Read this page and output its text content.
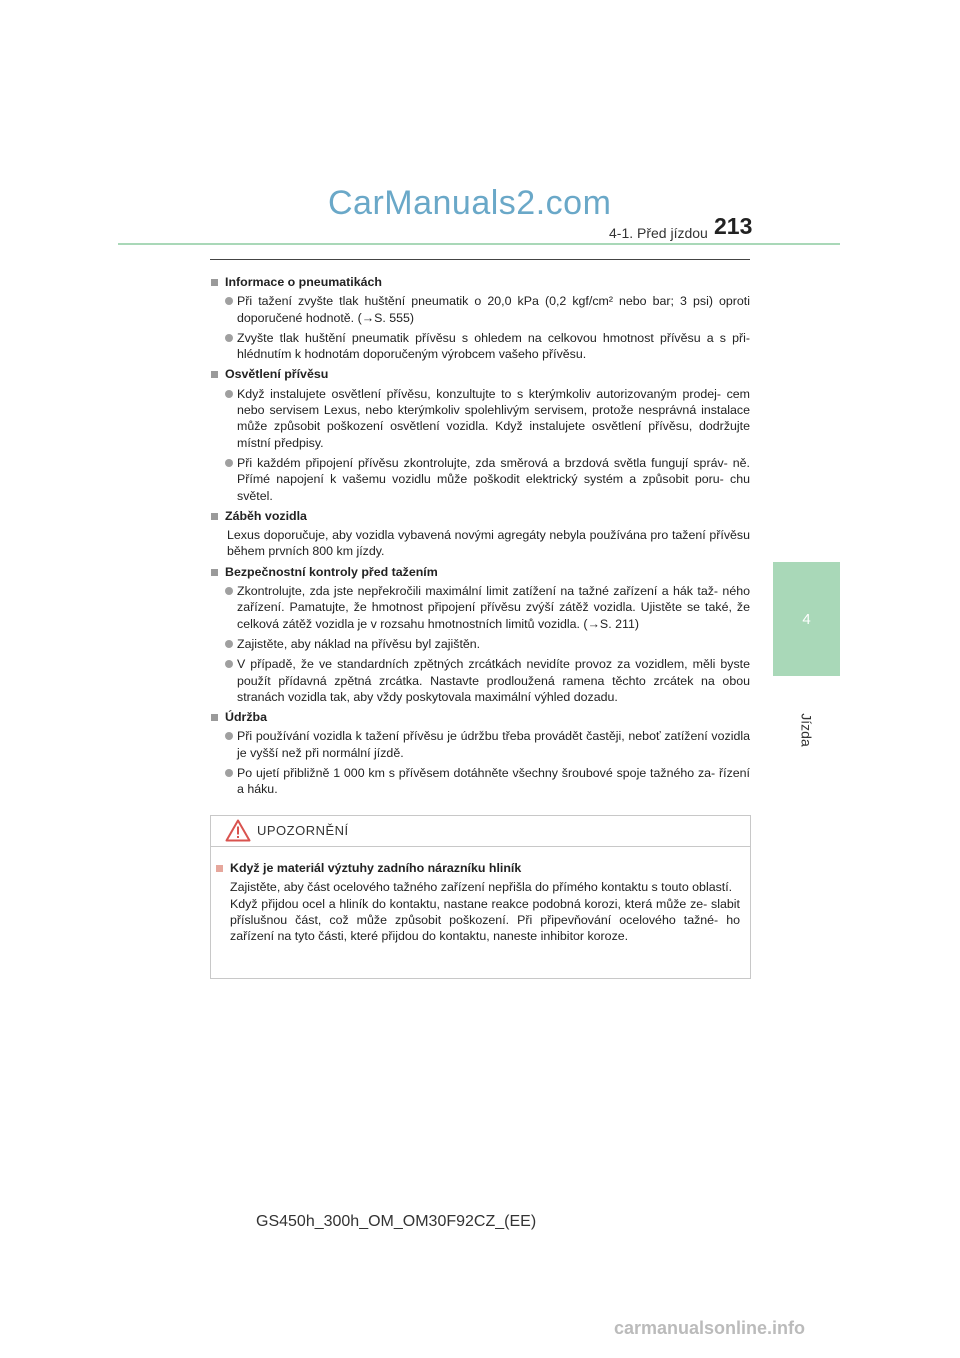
CarManuals2.com
4-1. Před jízdou 213
4
Jízda
Informace o pneumatikách
Při tažení zvyšte tlak huštění pneumatik o 20,0 kPa (0,2 kgf/cm² nebo bar; 3 psi) oproti doporučené hodnotě. (→S. 555)
Zvyšte tlak huštění pneumatik přívěsu s ohledem na celkovou hmotnost přívěsu a s při- hlédnutím k hodnotám doporučeným výrobcem vašeho přívěsu.
Osvětlení přívěsu
Když instalujete osvětlení přívěsu, konzultujte to s kterýmkoliv autorizovaným prodej- cem nebo servisem Lexus, nebo kterýmkoliv spolehlivým servisem, protože nesprávná instalace může způsobit poškození osvětlení vozidla. Když instalujete osvětlení přívěsu, dodržujte místní předpisy.
Při každém připojení přívěsu zkontrolujte, zda směrová a brzdová světla fungují správ- ně. Přímé napojení k vašemu vozidlu může poškodit elektrický systém a způsobit poru- chu světel.
Záběh vozidla
Lexus doporučuje, aby vozidla vybavená novými agregáty nebyla používána pro tažení přívěsu během prvních 800 km jízdy.
Bezpečnostní kontroly před tažením
Zkontrolujte, zda jste nepřekročili maximální limit zatížení na tažné zařízení a hák taž- ného zařízení. Pamatujte, že hmotnost připojení přívěsu zvýší zátěž vozidla. Ujistěte se také, že celková zátěž vozidla je v rozsahu hmotnostních limitů vozidla. (→S. 211)
Zajistěte, aby náklad na přívěsu byl zajištěn.
V případě, že ve standardních zpětných zrcátkách nevidíte provoz za vozidlem, měli byste použít přídavná zpětná zrcátka. Nastavte prodloužená ramena těchto zrcátek na obou stranách vozidla tak, aby vždy poskytovala maximální výhled dozadu.
Údržba
Při používání vozidla k tažení přívěsu je údržbu třeba provádět častěji, neboť zatížení vozidla je vyšší než při normální jízdě.
Po ujetí přibližně 1 000 km s přívěsem dotáhněte všechny šroubové spoje tažného za- řízení a háku.
UPOZORNĚNÍ
Když je materiál výztuhy zadního nárazníku hliník
Zajistěte, aby část ocelového tažného zařízení nepřišla do přímého kontaktu s touto oblastí.
Když přijdou ocel a hliník do kontaktu, nastane reakce podobná korozi, která může ze- slabit příslušnou část, což může způsobit poškození. Při připevňování ocelového tažné- ho zařízení na tyto části, které přijdou do kontaktu, naneste inhibitor koroze.
GS450h_300h_OM_OM30F92CZ_(EE)
carmanualsonline.info
